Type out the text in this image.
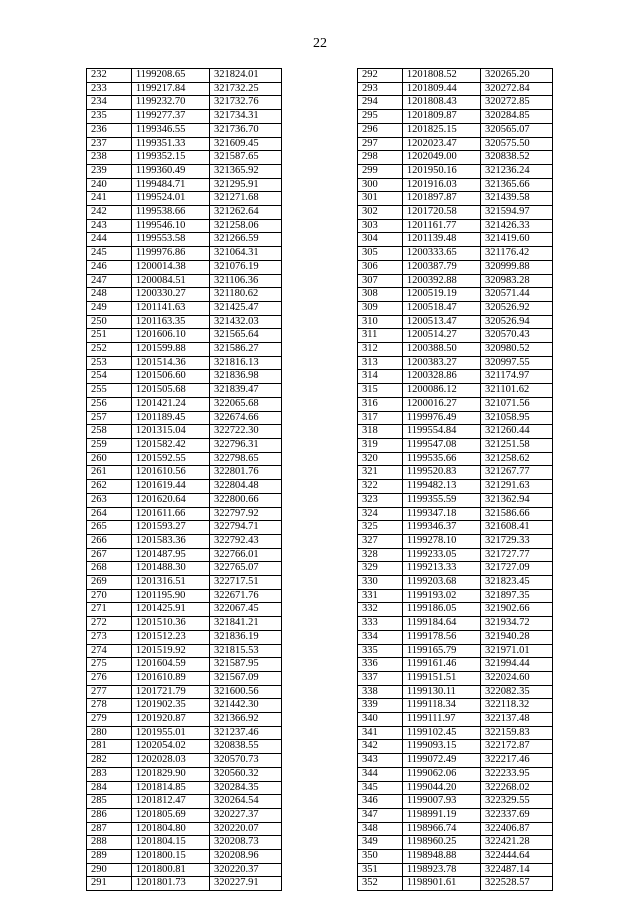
22
232	1199208.65	321824.01
233	1199217.84	321732.25
234	1199232.70	321732.76
235	1199277.37	321734.31
236	1199346.55	321736.70
237	1199351.33	321609.45
238	1199352.15	321587.65
239	1199360.49	321365.92
240	1199484.71	321295.91
241	1199524.01	321271.68
242	1199538.66	321262.64
243	1199546.10	321258.06
244	1199553.58	321266.59
245	1199976.86	321064.31
246	1200014.38	321076.19
247	1200084.51	321106.36
248	1200330.27	321180.62
249	1201141.63	321425.47
250	1201163.35	321432.03
251	1201606.10	321565.64
252	1201599.88	321586.27
253	1201514.36	321816.13
254	1201506.60	321836.98
255	1201505.68	321839.47
256	1201421.24	322065.68
257	1201189.45	322674.66
258	1201315.04	322722.30
259	1201582.42	322796.31
260	1201592.55	322798.65
261	1201610.56	322801.76
262	1201619.44	322804.48
263	1201620.64	322800.66
264	1201611.66	322797.92
265	1201593.27	322794.71
266	1201583.36	322792.43
267	1201487.95	322766.01
268	1201488.30	322765.07
269	1201316.51	322717.51
270	1201195.90	322671.76
271	1201425.91	322067.45
272	1201510.36	321841.21
273	1201512.23	321836.19
274	1201519.92	321815.53
275	1201604.59	321587.95
276	1201610.89	321567.09
277	1201721.79	321600.56
278	1201902.35	321442.30
279	1201920.87	321366.92
280	1201955.01	321237.46
281	1202054.02	320838.55
282	1202028.03	320570.73
283	1201829.90	320560.32
284	1201814.85	320284.35
285	1201812.47	320264.54
286	1201805.69	320227.37
287	1201804.80	320220.07
288	1201804.15	320208.73
289	1201800.15	320208.96
290	1201800.81	320220.37
291	1201801.73	320227.91
292	1201808.52	320265.20
293	1201809.44	320272.84
294	1201808.43	320272.85
295	1201809.87	320284.85
296	1201825.15	320565.07
297	1202023.47	320575.50
298	1202049.00	320838.52
299	1201950.16	321236.24
300	1201916.03	321365.66
301	1201897.87	321439.58
302	1201720.58	321594.97
303	1201161.77	321426.33
304	1201139.48	321419.60
305	1200333.65	321176.42
306	1200387.79	320999.88
307	1200392.88	320983.28
308	1200519.19	320571.44
309	1200518.47	320526.92
310	1200513.47	320526.94
311	1200514.27	320570.43
312	1200388.50	320980.52
313	1200383.27	320997.55
314	1200328.86	321174.97
315	1200086.12	321101.62
316	1200016.27	321071.56
317	1199976.49	321058.95
318	1199554.84	321260.44
319	1199547.08	321251.58
320	1199535.66	321258.62
321	1199520.83	321267.77
322	1199482.13	321291.63
323	1199355.59	321362.94
324	1199347.18	321586.66
325	1199346.37	321608.41
327	1199278.10	321729.33
328	1199233.05	321727.77
329	1199213.33	321727.09
330	1199203.68	321823.45
331	1199193.02	321897.35
332	1199186.05	321902.66
333	1199184.64	321934.72
334	1199178.56	321940.28
335	1199165.79	321971.01
336	1199161.46	321994.44
337	1199151.51	322024.60
338	1199130.11	322082.35
339	1199118.34	322118.32
340	1199111.97	322137.48
341	1199102.45	322159.83
342	1199093.15	322172.87
343	1199072.49	322217.46
344	1199062.06	322233.95
345	1199044.20	322268.02
346	1199007.93	322329.55
347	1198991.19	322337.69
348	1198966.74	322406.87
349	1198960.25	322421.28
350	1198948.88	322444.64
351	1198923.78	322487.14
352	1198901.61	322528.57
